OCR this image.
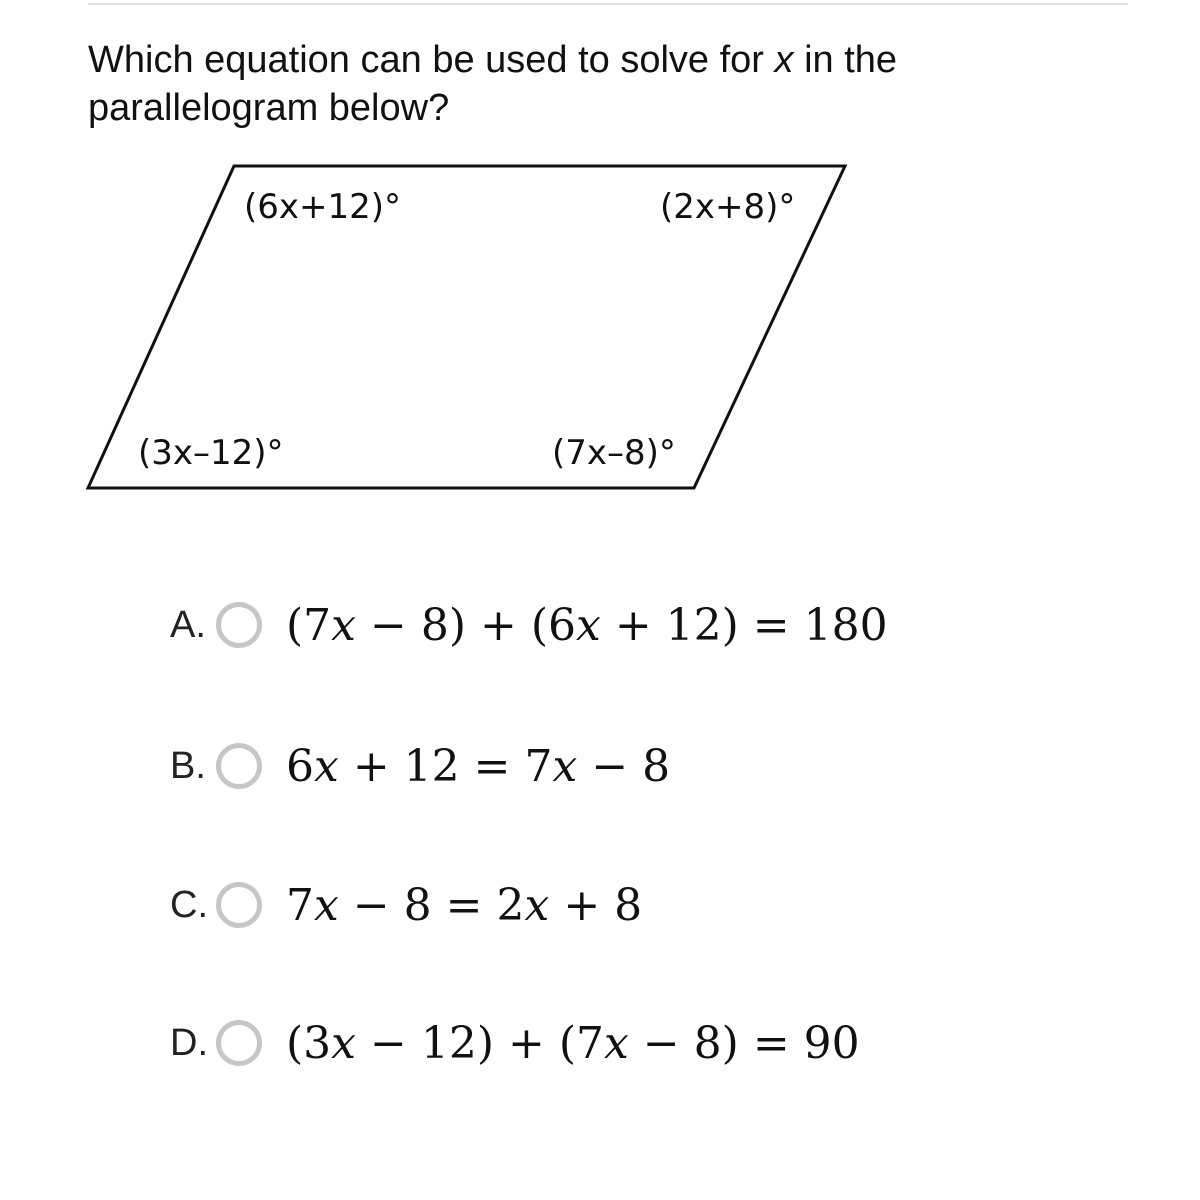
Which equation can be used to solve for x in the parallelogram below?
(6x+12)°	(2x+8)°
(3x–12)°	(7x–8)°
A. (7x − 8) + (6x + 12) = 180
B. 6x + 12 = 7x − 8
C. 7x − 8 = 2x + 8
D. (3x − 12) + (7x − 8) = 90
